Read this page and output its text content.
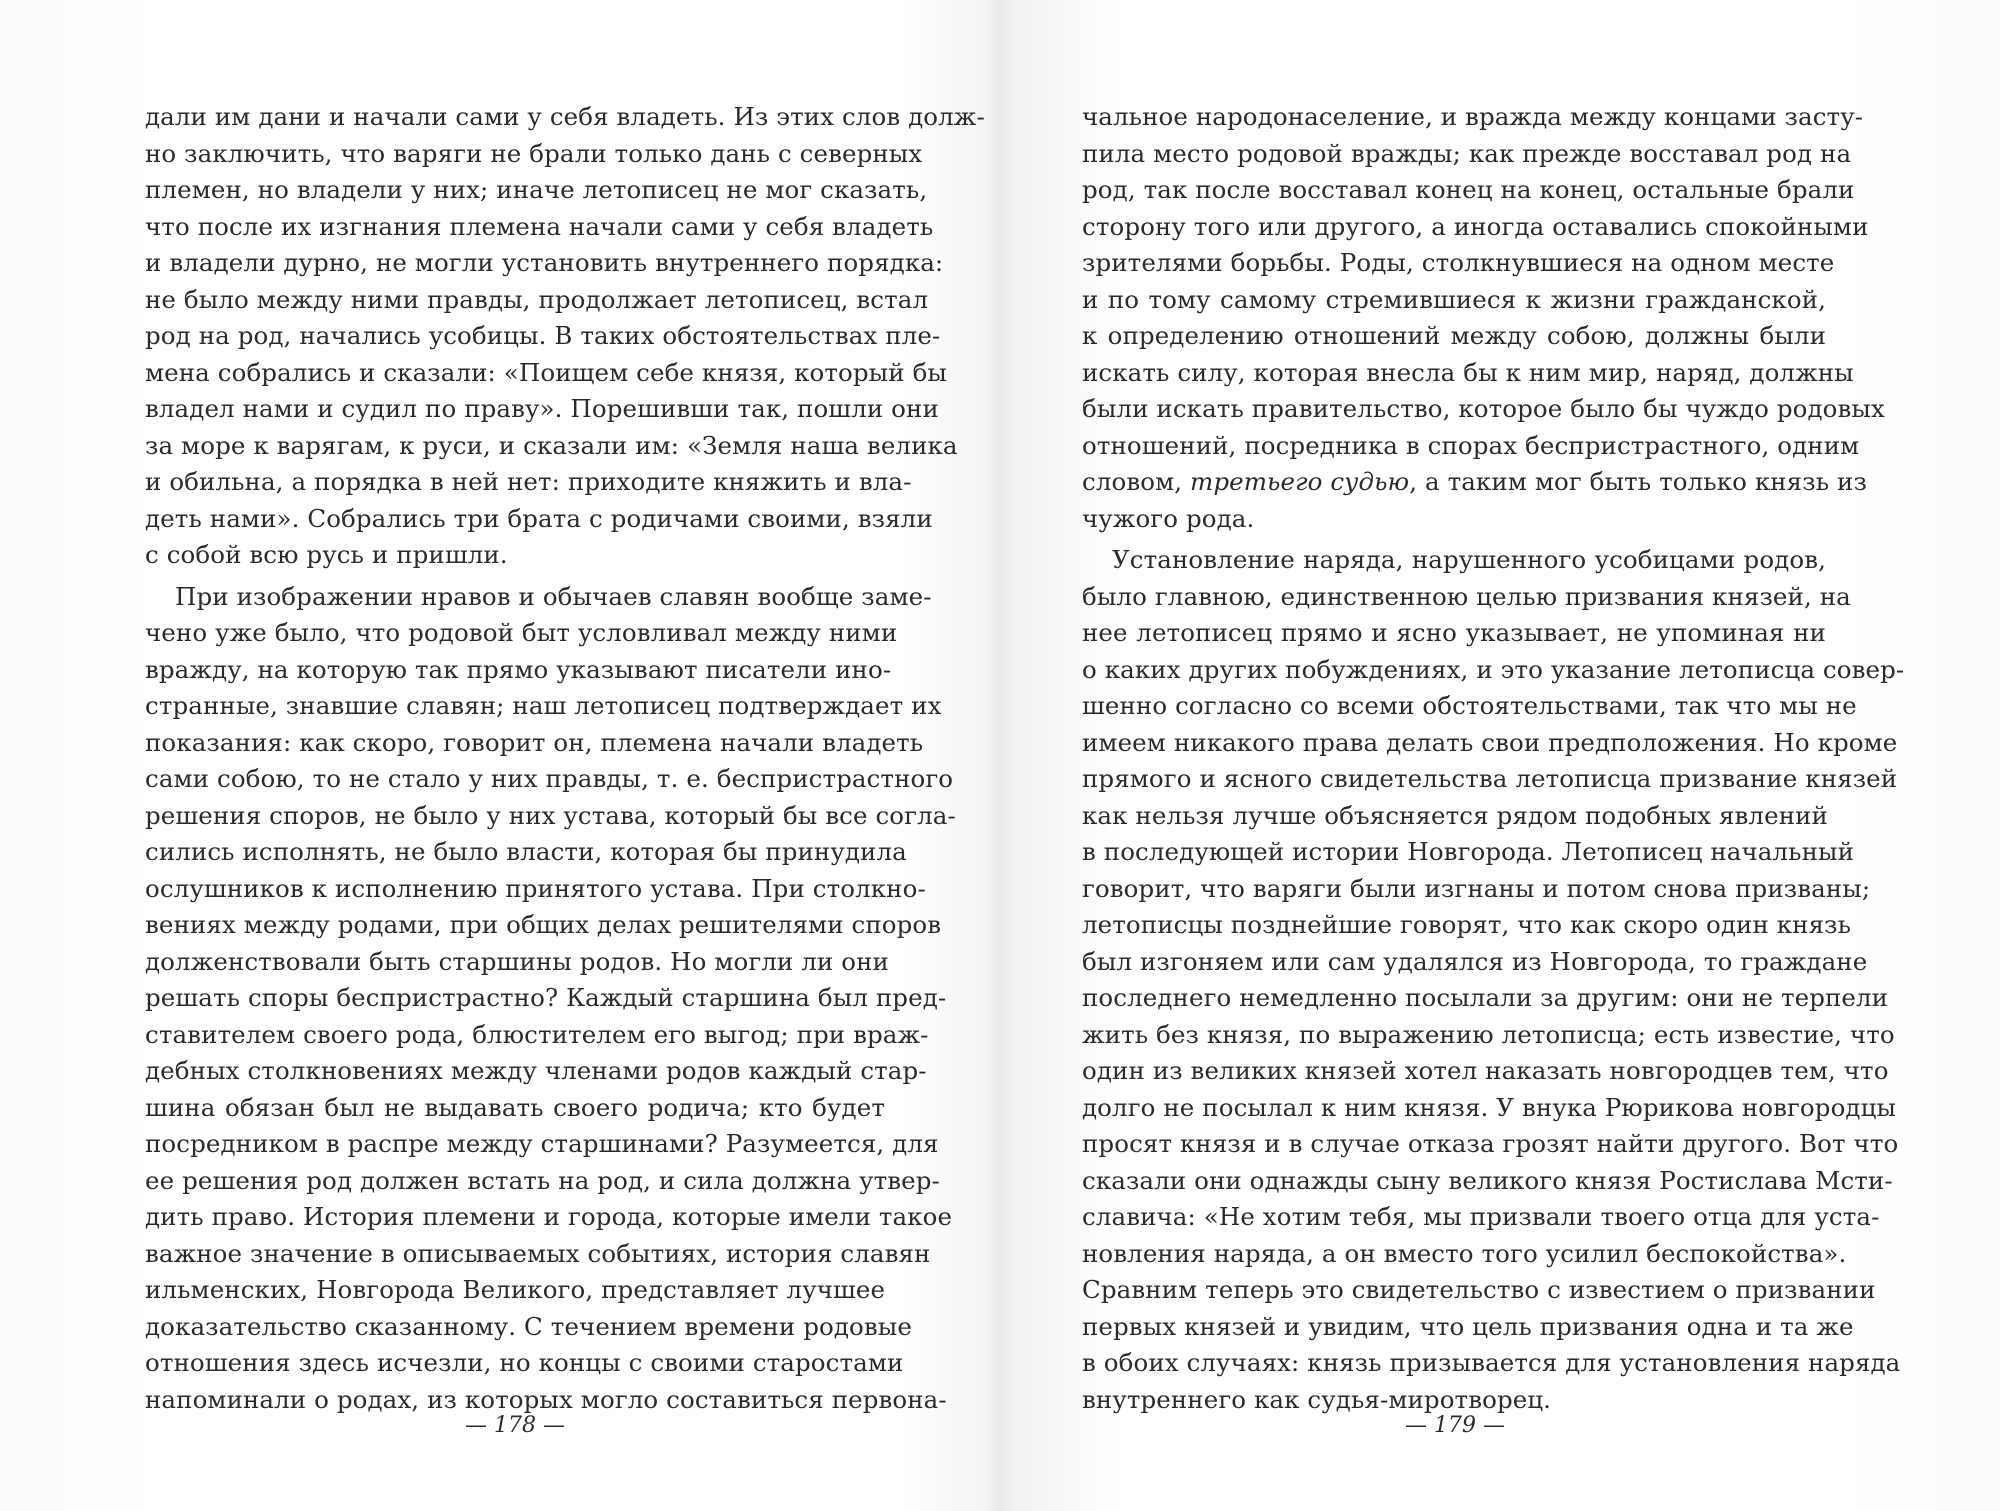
дали им дани и начали сами у себя владеть. Из этих слов долж-
но заключить, что варяги не брали только дань с северных
племен, но владели у них; иначе летописец не мог сказать,
что после их изгнания племена начали сами у себя владеть
и владели дурно, не могли установить внутреннего порядка:
не было между ними правды, продолжает летописец, встал
род на род, начались усобицы. В таких обстоятельствах пле-
мена собрались и сказали: «Поищем себе князя, который бы
владел нами и судил по праву». Порешивши так, пошли они
за море к варягам, к руси, и сказали им: «Земля наша велика
и обильна, а порядка в ней нет: приходите княжить и вла-
деть нами». Собрались три брата с родичами своими, взяли
с собой всю русь и пришли.
При изображении нравов и обычаев славян вообще заме-
чено уже было, что родовой быт условливал между ними
вражду, на которую так прямо указывают писатели ино-
странные, знавшие славян; наш летописец подтверждает их
показания: как скоро, говорит он, племена начали владеть
сами собою, то не стало у них правды, т. е. беспристрастного
решения споров, не было у них устава, который бы все согла-
сились исполнять, не было власти, которая бы принудила
ослушников к исполнению принятого устава. При столкно-
вениях между родами, при общих делах решителями споров
долженствовали быть старшины родов. Но могли ли они
решать споры беспристрастно? Каждый старшина был пред-
ставителем своего рода, блюстителем его выгод; при враж-
дебных столкновениях между членами родов каждый стар-
шина обязан был не выдавать своего родича; кто будет
посредником в распре между старшинами? Разумеется, для
ее решения род должен встать на род, и сила должна утвер-
дить право. История племени и города, которые имели такое
важное значение в описываемых событиях, история славян
ильменских, Новгорода Великого, представляет лучшее
доказательство сказанному. С течением времени родовые
отношения здесь исчезли, но концы с своими старостами
напоминали о родах, из которых могло составиться первона-
— 178 —
чальное народонаселение, и вражда между концами засту-
пила место родовой вражды; как прежде восставал род на
род, так после восставал конец на конец, остальные брали
сторону того или другого, а иногда оставались спокойными
зрителями борьбы. Роды, столкнувшиеся на одном месте
и по тому самому стремившиеся к жизни гражданской,
к определению отношений между собою, должны были
искать силу, которая внесла бы к ним мир, наряд, должны
были искать правительство, которое было бы чуждо родовых
отношений, посредника в спорах беспристрастного, одним
словом, третьего судью, а таким мог быть только князь из
чужого рода.
Установление наряда, нарушенного усобицами родов,
было главною, единственною целью призвания князей, на
нее летописец прямо и ясно указывает, не упоминая ни
о каких других побуждениях, и это указание летописца совер-
шенно согласно со всеми обстоятельствами, так что мы не
имеем никакого права делать свои предположения. Но кроме
прямого и ясного свидетельства летописца призвание князей
как нельзя лучше объясняется рядом подобных явлений
в последующей истории Новгорода. Летописец начальный
говорит, что варяги были изгнаны и потом снова призваны;
летописцы позднейшие говорят, что как скоро один князь
был изгоняем или сам удалялся из Новгорода, то граждане
последнего немедленно посылали за другим: они не терпели
жить без князя, по выражению летописца; есть известие, что
один из великих князей хотел наказать новгородцев тем, что
долго не посылал к ним князя. У внука Рюрикова новгородцы
просят князя и в случае отказа грозят найти другого. Вот что
сказали они однажды сыну великого князя Ростислава Мсти-
славича: «Не хотим тебя, мы призвали твоего отца для уста-
новления наряда, а он вместо того усилил беспокойства».
Сравним теперь это свидетельство с известием о призвании
первых князей и увидим, что цель призвания одна и та же
в обоих случаях: князь призывается для установления наряда
внутреннего как судья-миротворец.
— 179 —
